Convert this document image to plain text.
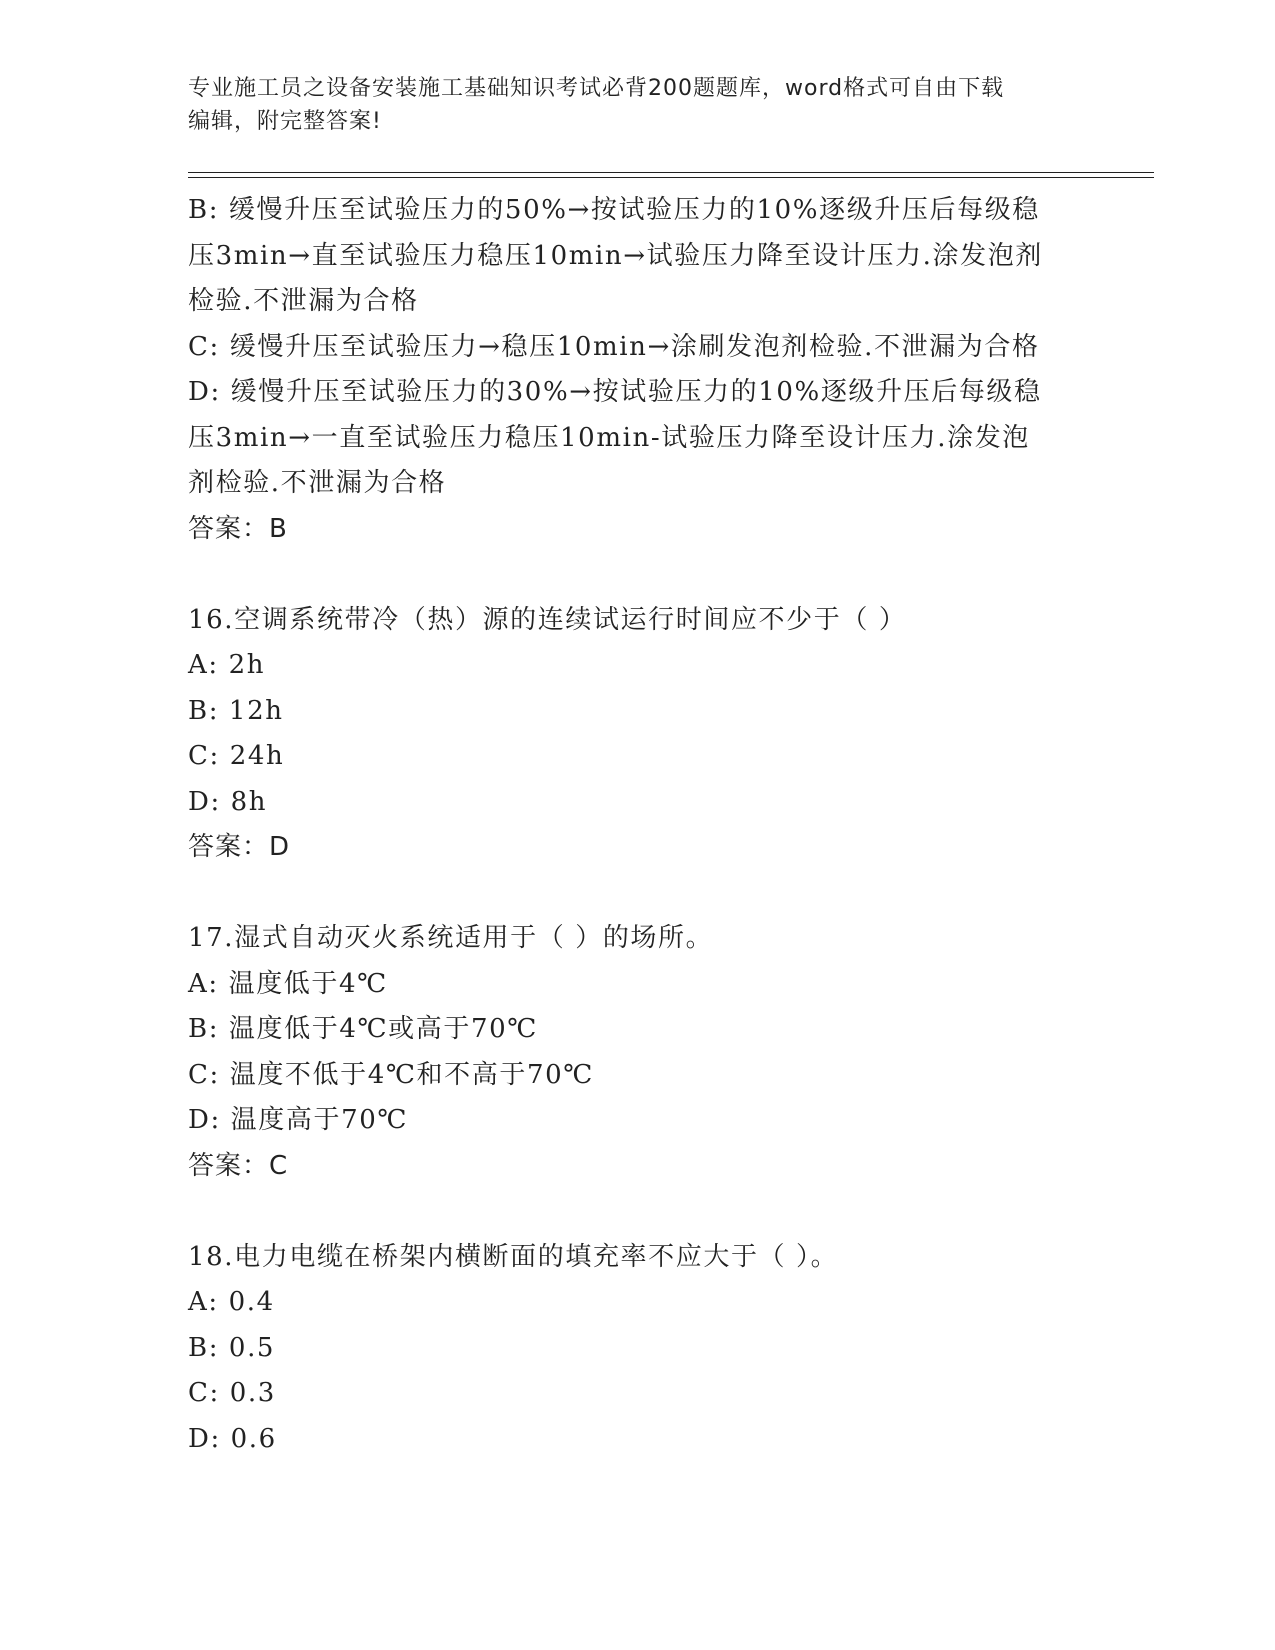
专业施工员之设备安装施工基础知识考试必背200题题库，word格式可自由下载
编辑，附完整答案!
B: 缓慢升压至试验压力的50%→按试验压力的10%逐级升压后每级稳
压3min→直至试验压力稳压10min→试验压力降至设计压力.涂发泡剂
检验.不泄漏为合格
C: 缓慢升压至试验压力→稳压10min→涂刷发泡剂检验.不泄漏为合格
D: 缓慢升压至试验压力的30%→按试验压力的10%逐级升压后每级稳
压3min→一直至试验压力稳压10min-试验压力降至设计压力.涂发泡
剂检验.不泄漏为合格
答案：B
16.空调系统带冷（热）源的连续试运行时间应不少于（ ）
A: 2h
B: 12h
C: 24h
D: 8h
答案：D
17.湿式自动灭火系统适用于（ ）的场所。
A: 温度低于4℃
B: 温度低于4℃或高于70℃
C: 温度不低于4℃和不高于70℃
D: 温度高于70℃
答案：C
18.电力电缆在桥架内横断面的填充率不应大于（ ）。
A: 0.4
B: 0.5
C: 0.3
D: 0.6
